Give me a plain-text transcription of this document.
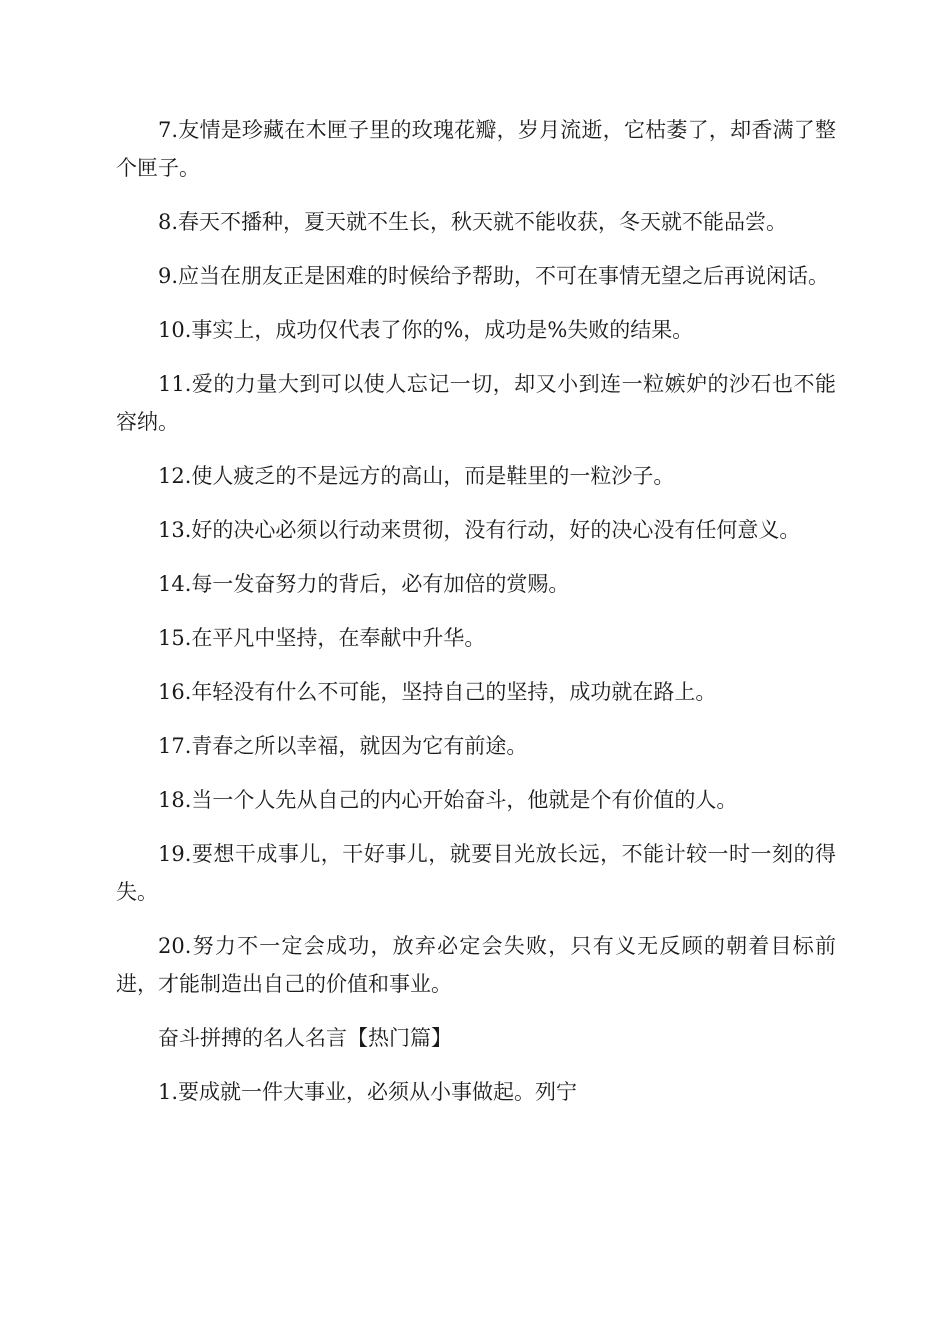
7.友情是珍藏在木匣子里的玫瑰花瓣，岁月流逝，它枯萎了，却香满了整个匣子。

8.春天不播种，夏天就不生长，秋天就不能收获，冬天就不能品尝。

9.应当在朋友正是困难的时候给予帮助，不可在事情无望之后再说闲话。

10.事实上，成功仅代表了你的%，成功是%失败的结果。

11.爱的力量大到可以使人忘记一切，却又小到连一粒嫉妒的沙石也不能容纳。

12.使人疲乏的不是远方的高山，而是鞋里的一粒沙子。

13.好的决心必须以行动来贯彻，没有行动，好的决心没有任何意义。

14.每一发奋努力的背后，必有加倍的赏赐。

15.在平凡中坚持，在奉献中升华。

16.年轻没有什么不可能，坚持自己的坚持，成功就在路上。

17.青春之所以幸福，就因为它有前途。

18.当一个人先从自己的内心开始奋斗，他就是个有价值的人。

19.要想干成事儿，干好事儿，就要目光放长远，不能计较一时一刻的得失。

20.努力不一定会成功，放弃必定会失败，只有义无反顾的朝着目标前进，才能制造出自己的价值和事业。

奋斗拼搏的名人名言【热门篇】

1.要成就一件大事业，必须从小事做起。列宁
